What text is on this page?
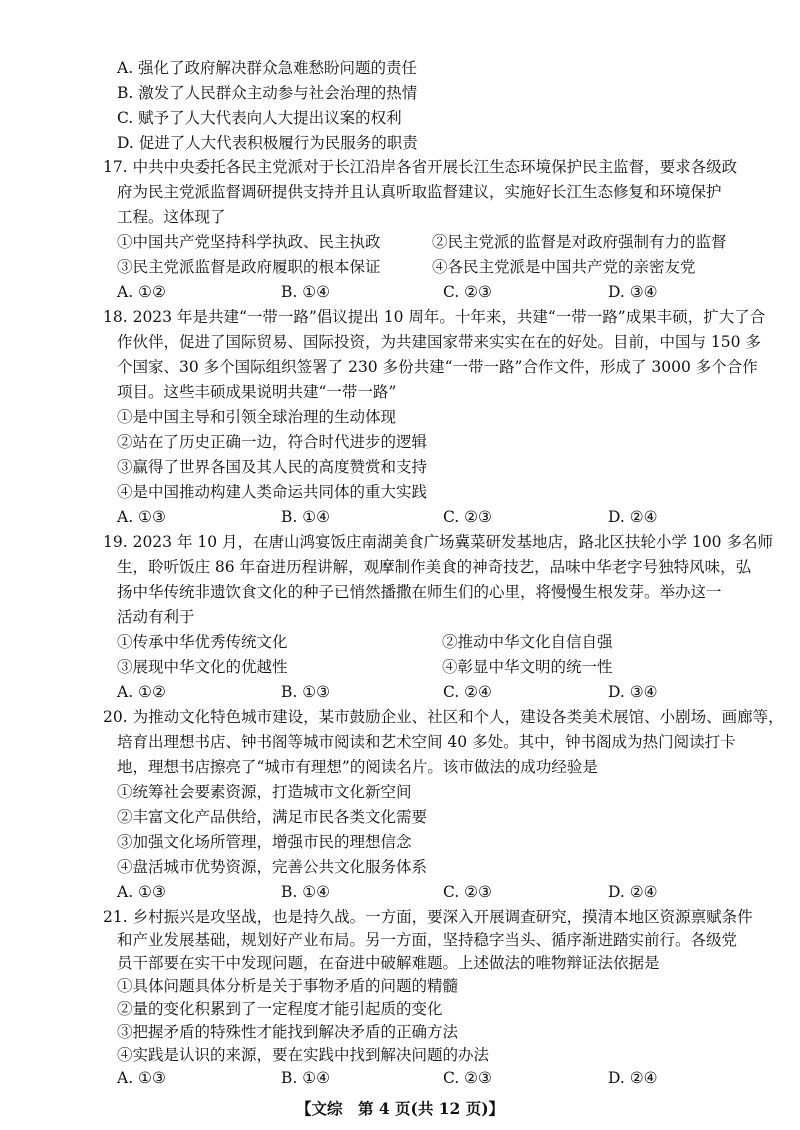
A. 强化了政府解决群众急难愁盼问题的责任
B. 激发了人民群众主动参与社会治理的热情
C. 赋予了人大代表向人大提出议案的权利
D. 促进了人大代表积极履行为民服务的职责
17. 中共中央委托各民主党派对于长江沿岸各省开展长江生态环境保护民主监督，要求各级政
府为民主党派监督调研提供支持并且认真听取监督建议，实施好长江生态修复和环境保护
工程。这体现了
①中国共产党坚持科学执政、民主执政	②民主党派的监督是对政府强制有力的监督
③民主党派监督是政府履职的根本保证	④各民主党派是中国共产党的亲密友党
A. ①②	B. ①④	C. ②③	D. ③④
18. 2023 年是共建“一带一路”倡议提出 10 周年。十年来，共建“一带一路”成果丰硕，扩大了合
作伙伴，促进了国际贸易、国际投资，为共建国家带来实实在在的好处。目前，中国与 150 多
个国家、30 多个国际组织签署了 230 多份共建“一带一路”合作文件，形成了 3000 多个合作
项目。这些丰硕成果说明共建“一带一路”
①是中国主导和引领全球治理的生动体现
②站在了历史正确一边，符合时代进步的逻辑
③赢得了世界各国及其人民的高度赞赏和支持
④是中国推动构建人类命运共同体的重大实践
A. ①③	B. ①④	C. ②③	D. ②④
19. 2023 年 10 月，在唐山鸿宴饭庄南湖美食广场冀菜研发基地店，路北区扶轮小学 100 多名师
生，聆听饭庄 86 年奋进历程讲解，观摩制作美食的神奇技艺，品味中华老字号独特风味，弘
扬中华传统非遗饮食文化的种子已悄然播撒在师生们的心里，将慢慢生根发芽。举办这一
活动有利于
①传承中华优秀传统文化	②推动中华文化自信自强
③展现中华文化的优越性	④彰显中华文明的统一性
A. ①②	B. ①③	C. ②④	D. ③④
20. 为推动文化特色城市建设，某市鼓励企业、社区和个人，建设各类美术展馆、小剧场、画廊等，
培育出理想书店、钟书阁等城市阅读和艺术空间 40 多处。其中，钟书阁成为热门阅读打卡
地，理想书店擦亮了“城市有理想”的阅读名片。该市做法的成功经验是
①统筹社会要素资源，打造城市文化新空间
②丰富文化产品供给，满足市民各类文化需要
③加强文化场所管理，增强市民的理想信念
④盘活城市优势资源，完善公共文化服务体系
A. ①③	B. ①④	C. ②③	D. ②④
21. 乡村振兴是攻坚战，也是持久战。一方面，要深入开展调查研究，摸清本地区资源禀赋条件
和产业发展基础，规划好产业布局。另一方面，坚持稳字当头、循序渐进踏实前行。各级党
员干部要在实干中发现问题，在奋进中破解难题。上述做法的唯物辩证法依据是
①具体问题具体分析是关于事物矛盾的问题的精髓
②量的变化积累到了一定程度才能引起质的变化
③把握矛盾的特殊性才能找到解决矛盾的正确方法
④实践是认识的来源，要在实践中找到解决问题的办法
【文综　第 4 页(共 12 页)】
A. ①③	B. ①④	C. ②③	D. ②④
